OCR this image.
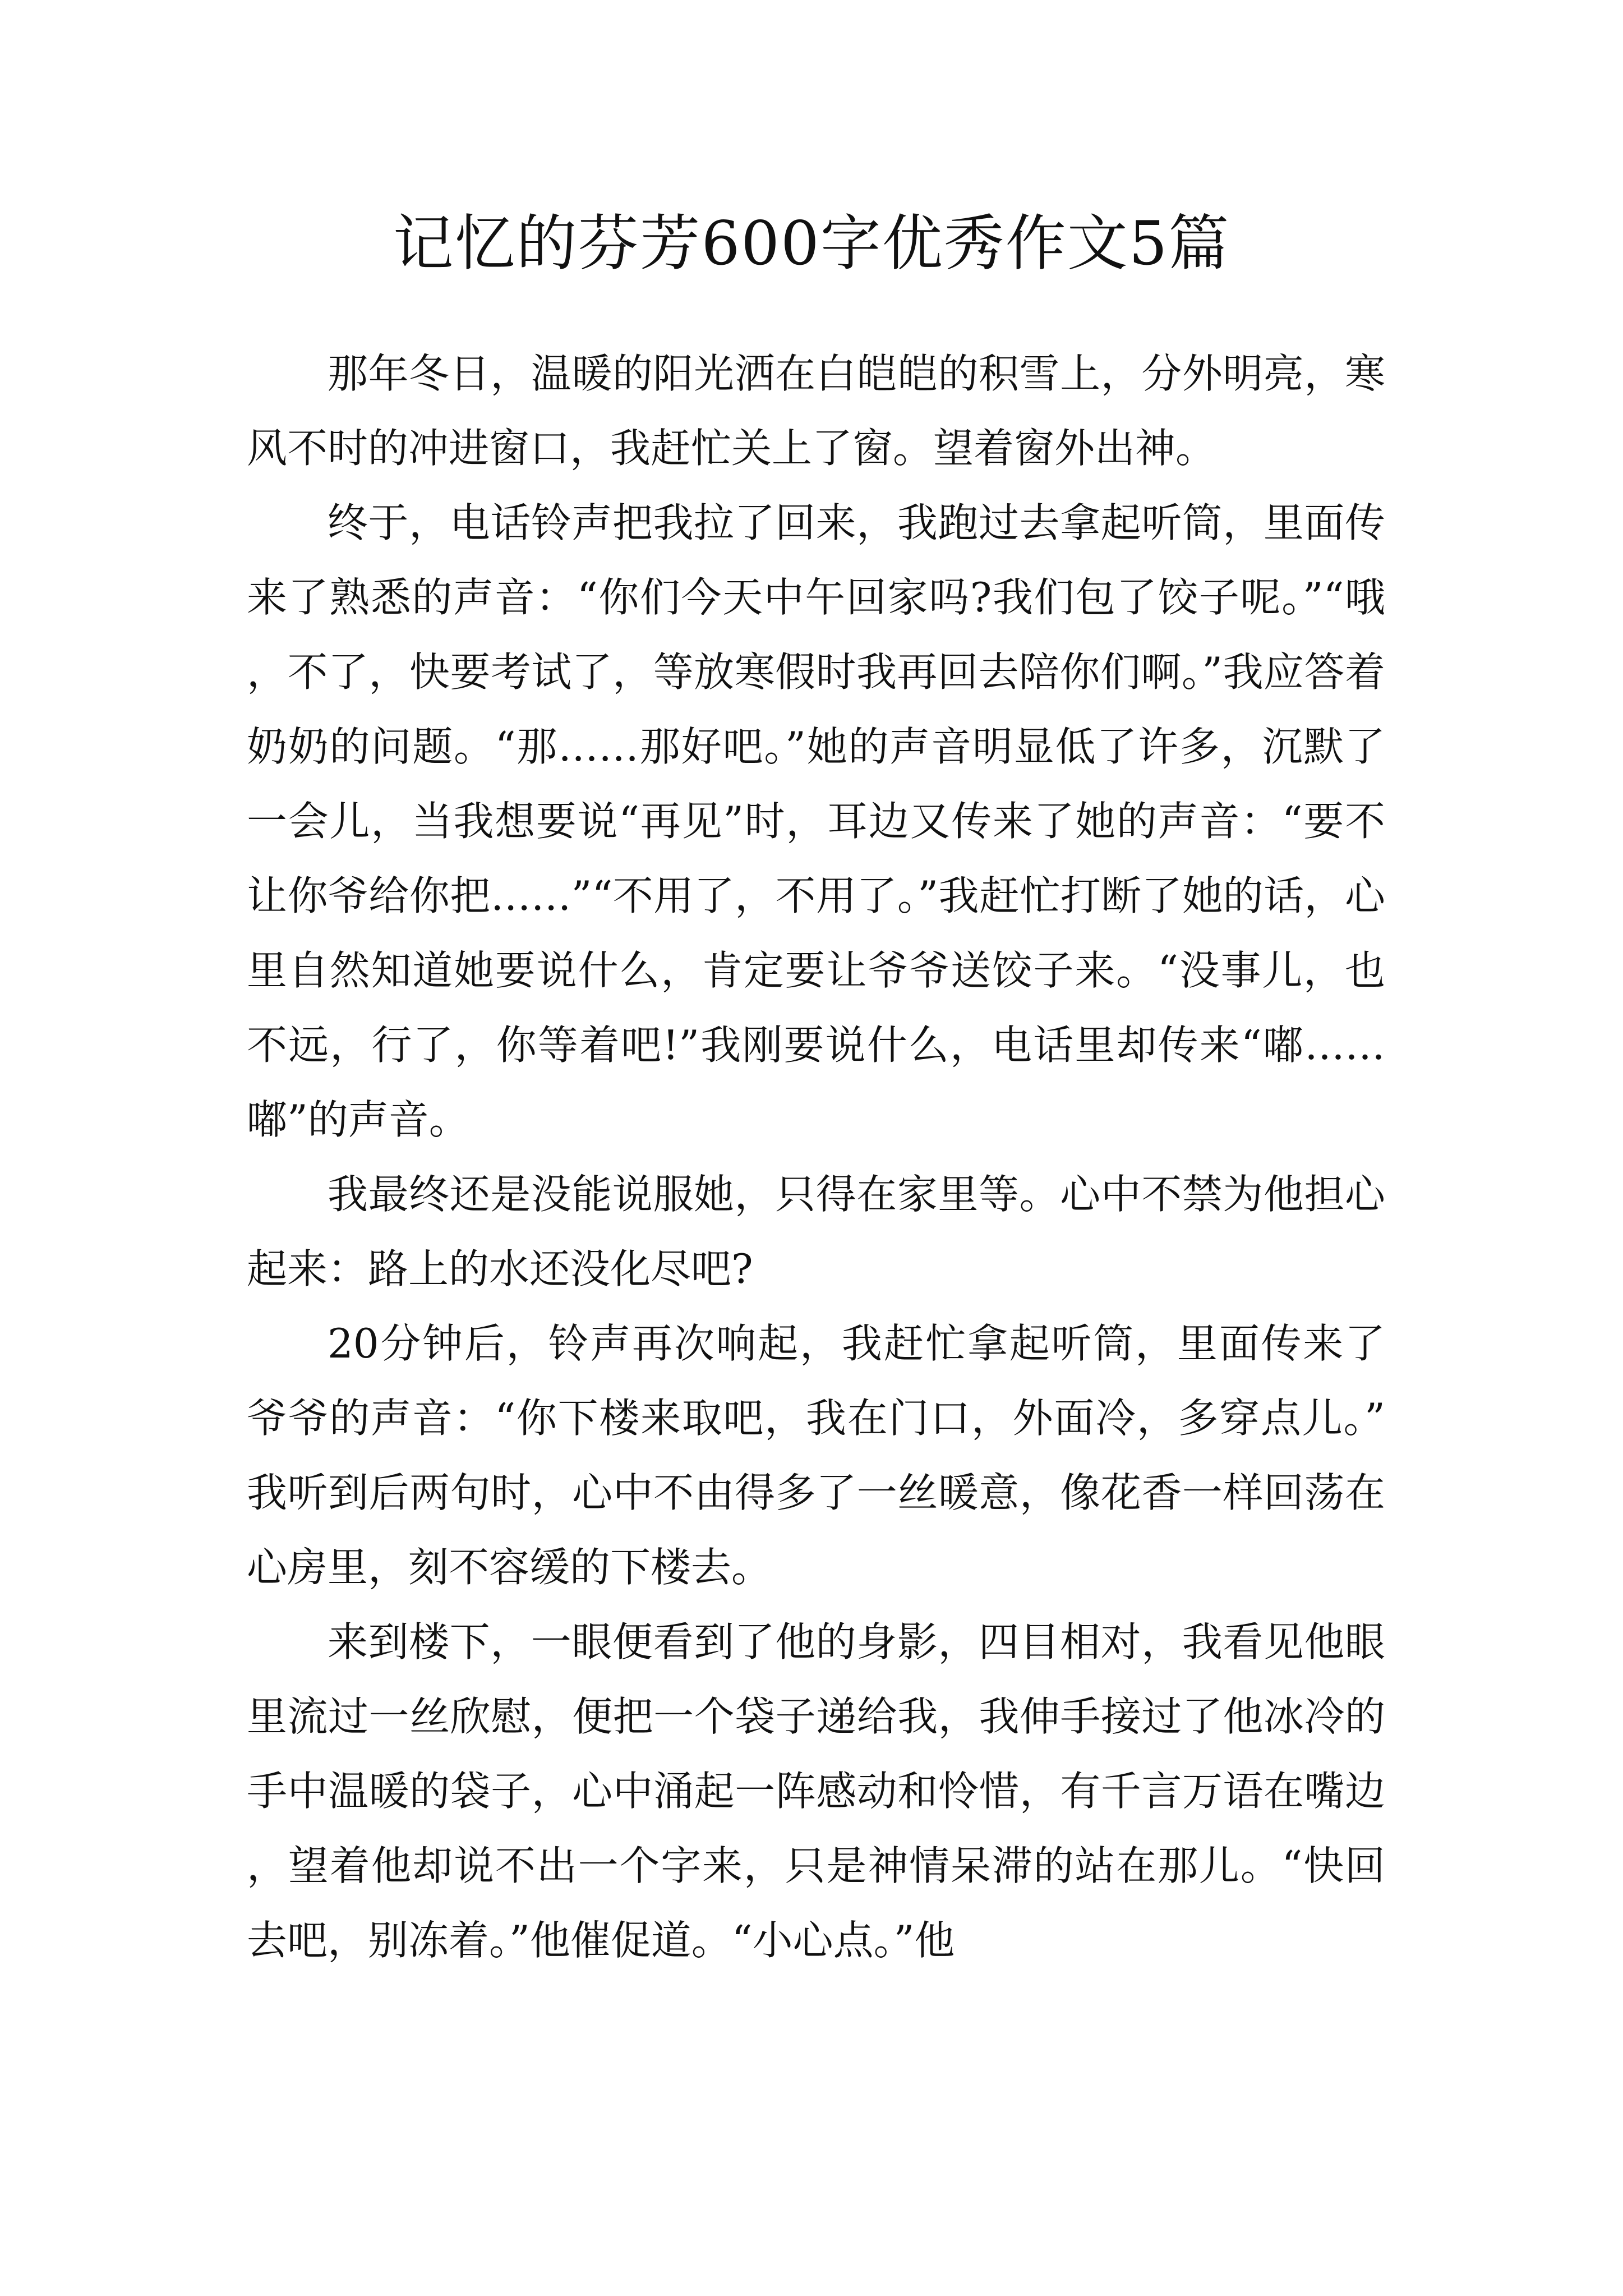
记忆的芬芳600字优秀作文5篇

那年冬日，温暖的阳光洒在白皑皑的积雪上，分外明亮，寒风不时的冲进窗口，我赶忙关上了窗。望着窗外出神。

终于，电话铃声把我拉了回来，我跑过去拿起听筒，里面传来了熟悉的声音：“你们今天中午回家吗?我们包了饺子呢。”“哦，不了，快要考试了，等放寒假时我再回去陪你们啊。”我应答着奶奶的问题。“那……那好吧。”她的声音明显低了许多，沉默了一会儿，当我想要说“再见”时，耳边又传来了她的声音：“要不让你爷给你把……”“不用了，不用了。”我赶忙打断了她的话，心里自然知道她要说什么，肯定要让爷爷送饺子来。“没事儿，也不远，行了，你等着吧!”我刚要说什么，电话里却传来“嘟……嘟”的声音。

我最终还是没能说服她，只得在家里等。心中不禁为他担心起来：路上的水还没化尽吧?

20分钟后，铃声再次响起，我赶忙拿起听筒，里面传来了爷爷的声音：“你下楼来取吧，我在门口，外面冷，多穿点儿。”我听到后两句时，心中不由得多了一丝暖意，像花香一样回荡在心房里，刻不容缓的下楼去。

来到楼下，一眼便看到了他的身影，四目相对，我看见他眼里流过一丝欣慰，便把一个袋子递给我，我伸手接过了他冰冷的手中温暖的袋子，心中涌起一阵感动和怜惜，有千言万语在嘴边，望着他却说不出一个字来，只是神情呆滞的站在那儿。“快回去吧，别冻着。”他催促道。“小心点。”他
